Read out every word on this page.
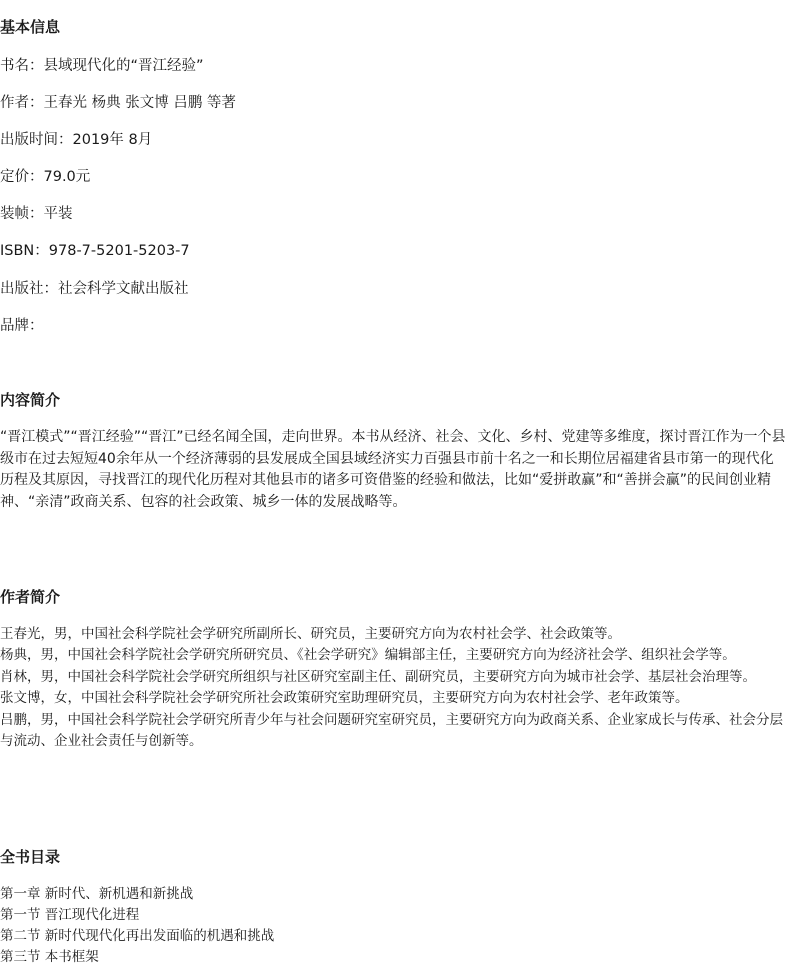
基本信息
书名：县域现代化的“晋江经验”
作者：王春光 杨典 张文博 吕鹏 等著
出版时间：2019年 8月
定价：79.0元
装帧：平装
ISBN：978-7-5201-5203-7
出版社：社会科学文献出版社
品牌：
内容简介
“晋江模式”“晋江经验”“晋江”已经名闻全国，走向世界。本书从经济、社会、文化、乡村、党建等多维度，探讨晋江作为一个县级市在过去短短40余年从一个经济薄弱的县发展成全国县域经济实力百强县市前十名之一和长期位居福建省县市第一的现代化历程及其原因，寻找晋江的现代化历程对其他县市的诸多可资借鉴的经验和做法，比如“爱拼敢赢”和“善拼会赢”的民间创业精神、“亲清”政商关系、包容的社会政策、城乡一体的发展战略等。
作者简介
王春光，男，中国社会科学院社会学研究所副所长、研究员，主要研究方向为农村社会学、社会政策等。
杨典，男，中国社会科学院社会学研究所研究员、《社会学研究》编辑部主任，主要研究方向为经济社会学、组织社会学等。
肖林，男，中国社会科学院社会学研究所组织与社区研究室副主任、副研究员，主要研究方向为城市社会学、基层社会治理等。
张文博，女，中国社会科学院社会学研究所社会政策研究室助理研究员，主要研究方向为农村社会学、老年政策等。
吕鹏，男，中国社会科学院社会学研究所青少年与社会问题研究室研究员，主要研究方向为政商关系、企业家成长与传承、社会分层与流动、企业社会责任与创新等。
全书目录
第一章 新时代、新机遇和新挑战
第一节 晋江现代化进程
第二节 新时代现代化再出发面临的机遇和挑战
第三节 本书框架
